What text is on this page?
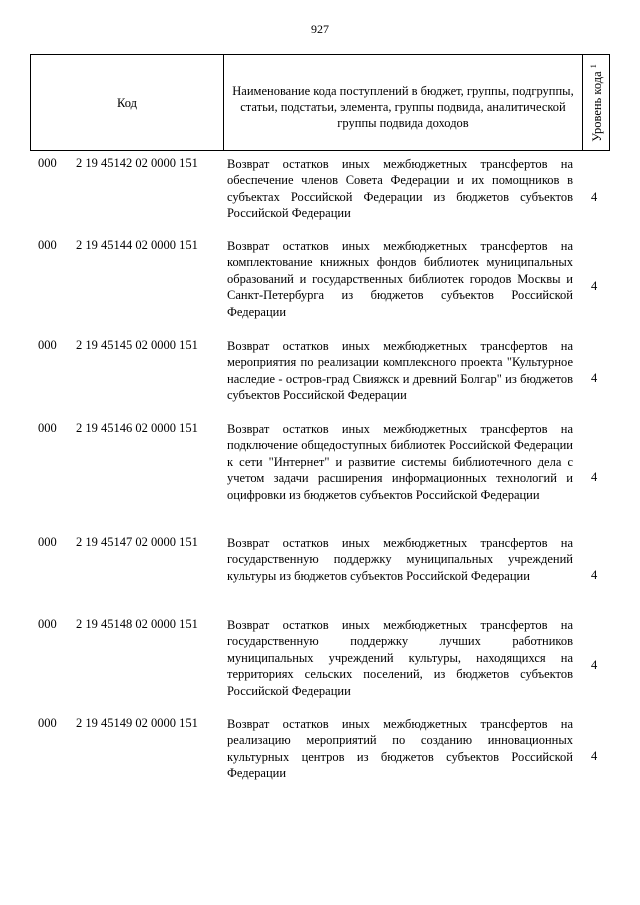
927
Код
Наименование кода поступлений в бюджет, группы, подгруппы, статьи, подстатьи, элемента, группы подвида, аналитической группы подвида доходов	Уровень кода $^1$
000 2 19 45142 02 0000 151 Возврат остатков иных межбюджетных трансфертов на обеспечение членов Совета Федерации и их помощников в субъектах Российской Федерации из бюджетов субъектов Российской Федерации
4
000 2 19 45144 02 0000 151 Возврат остатков иных межбюджетных трансфертов на комплектование книжных фондов библиотек муниципальных образований и государственных библиотек городов Москвы и Санкт-Петербурга из бюджетов субъектов Российской Федерации
4
000 2 19 45145 02 0000 151 Возврат остатков иных межбюджетных трансфертов на мероприятия по реализации комплексного проекта "Культурное наследие - остров-град Свияжск и древний Болгар" из бюджетов субъектов Российской Федерации
4
000 2 19 45146 02 0000 151 Возврат остатков иных межбюджетных трансфертов на подключение общедоступных библиотек Российской Федерации к сети "Интернет" и развитие системы библиотечного дела с учетом задачи расширения информационных технологий и оцифровки из бюджетов субъектов Российской Федерации
4
000 2 19 45147 02 0000 151 Возврат остатков иных межбюджетных трансфертов на государственную поддержку муниципальных учреждений культуры из бюджетов субъектов Российской Федерации	4
000 2 19 45148 02 0000 151 Возврат остатков иных межбюджетных трансфертов на государственную поддержку лучших работников муниципальных учреждений культуры, находящихся на территориях сельских поселений, из бюджетов субъектов Российской Федерации
4
000 2 19 45149 02 0000 151 Возврат остатков иных межбюджетных трансфертов на реализацию мероприятий по созданию инновационных культурных центров из бюджетов субъектов Российской Федерации
4
